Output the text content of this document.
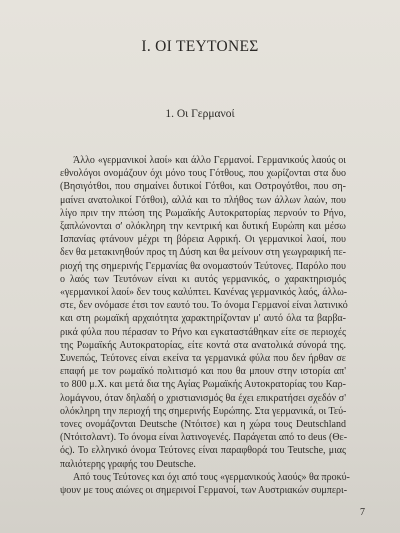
I. ΟΙ ΤΕΥΤΟΝΕΣ
1. Οι Γερμανοί
Άλλο «γερμανικοί λαοί» και άλλο Γερμανοί. Γερμανικούς λαούς οι
εθνολόγοι ονομάζουν όχι μόνο τους Γότθους, που χωρίζονται στα δυο
(Βησιγότθοι, που σημαίνει δυτικοί Γότθοι, και Οστρογότθοι, που ση-
μαίνει ανατολικοί Γότθοι), αλλά και το πλήθος των άλλων λαών, που
λίγο πριν την πτώση της Ρωμαϊκής Αυτοκρατορίας περνούν το Ρήνο,
ξαπλώνονται σ' ολόκληρη την κεντρική και δυτική Ευρώπη και μέσω
Ισπανίας φτάνουν μέχρι τη βόρεια Αφρική. Οι γερμανικοί λαοί, που
δεν θα μετακινηθούν προς τη Δύση και θα μείνουν στη γεωγραφική πε-
ριοχή της σημερινής Γερμανίας θα ονομαστούν Τεύτονες. Παρόλο που
ο λαός των Τευτόνων είναι κι αυτός γερμανικός, ο χαρακτηρισμός
«γερμανικοί λαοί» δεν τους καλύπτει. Κανένας γερμανικός λαός, άλλω-
στε, δεν ονόμασε έτσι τον εαυτό του. Το όνομα Γερμανοί είναι λατινικό
και στη ρωμαϊκή αρχαιότητα χαρακτηρίζονταν μ' αυτό όλα τα βαρβα-
ρικά φύλα που πέρασαν το Ρήνο και εγκαταστάθηκαν είτε σε περιοχές
της Ρωμαϊκής Αυτοκρατορίας, είτε κοντά στα ανατολικά σύνορά της.
Συνεπώς, Τεύτονες είναι εκείνα τα γερμανικά φύλα που δεν ήρθαν σε
επαφή με τον ρωμαϊκό πολιτισμό και που θα μπουν στην ιστορία απ'
το 800 μ.Χ. και μετά δια της Αγίας Ρωμαϊκής Αυτοκρατορίας του Καρ-
λομάγνου, όταν δηλαδή ο χριστιανισμός θα έχει επικρατήσει σχεδόν σ'
ολόκληρη την περιοχή της σημερινής Ευρώπης. Στα γερμανικά, οι Τεύ-
τονες ονομάζονται Deutsche (Ντόιτσε) και η χώρα τους Deutschland
(Ντόιτσλαντ). Το όνομα είναι λατινογενές. Παράγεται από το deus (Θε-
ός). Το ελληνικό όνομα Τεύτονες είναι παραφθορά του Teutsche, μιας
παλιότερης γραφής του Deutsche.
Από τους Τεύτονες και όχι από τους «γερμανικούς λαούς» θα προκύ-
ψουν με τους αιώνες οι σημερινοί Γερμανοί, των Αυστριακών συμπερι-
7
